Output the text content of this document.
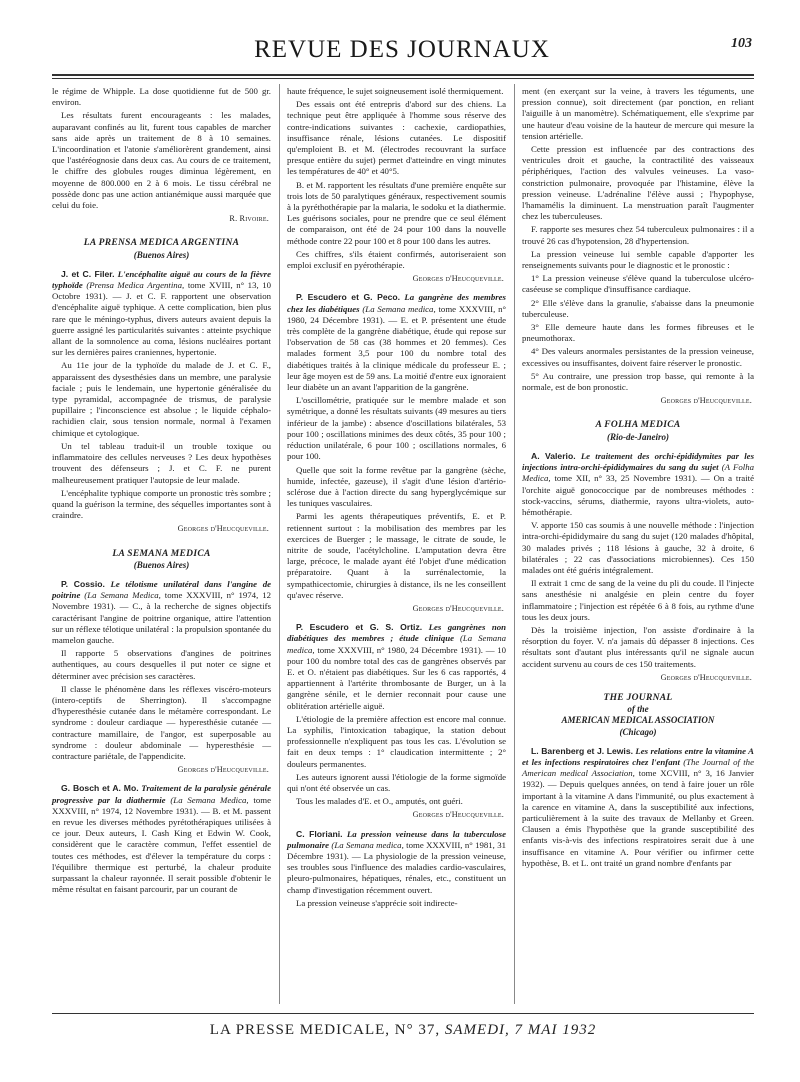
REVUE DES JOURNAUX	103

le régime de Whipple. La dose quotidienne fut de 500 gr. environ.

Les résultats furent encourageants : les malades, auparavant confinés au lit, furent tous capables de marcher sans aide après un traitement de 8 à 10 semaines. L'incoordination et l'atonie s'améliorèrent grandement, ainsi que l'astéréognosie dans deux cas. Au cours de ce traitement, le chiffre des globules rouges diminua légèrement, en moyenne de 800.000 en 2 à 6 mois. Le tissu cérébral ne possède donc pas une action antianémique aussi marquée que celui du foie.

R. Rivoire.
LA PRENSA MEDICA ARGENTINA
(Buenos Aires)

J. et C. Filer. L'encéphalite aiguë au cours de la fièvre typhoïde (Prensa Medica Argentina, tome XVIII, n° 13, 10 Octobre 1931). — J. et C. F. rapportent une observation d'encéphalite aiguë typhique. A cette complication, bien plus rare que le méningo-typhus, divers auteurs avaient depuis la guerre assigné les particularités suivantes : atteinte psychique allant de la somnolence au coma, lésions nucléaires portant sur les dernières paires craniennes, hypertonie.

Au 11e jour de la typhoïde du malade de J. et C. F., apparaissent des dysesthésies dans un membre, une paralysie faciale ; puis le lendemain, une hypertonie généralisée du type pyramidal, accompagnée de trismus, de paralysie pupillaire ; l'inconscience est absolue ; le liquide céphalo-rachidien clair, sous tension normale, normal à l'examen chimique et cytologique.

Un tel tableau traduit-il un trouble toxique ou inflammatoire des cellules nerveuses ? Les deux hypothèses trouvent des défenseurs ; J. et C. F. ne purent malheureusement pratiquer l'autopsie de leur malade.

L'encéphalite typhique comporte un pronostic très sombre ; quand la guérison la termine, des séquelles importantes sont à craindre.

Georges d'Heucqueville.
LA SEMANA MEDICA
(Buenos Aires)

P. Cossio. Le télotisme unilatéral dans l'angine de poitrine (La Semana Medica, tome XXXVIII, n° 1974, 12 Novembre 1931). — C., à la recherche de signes objectifs caractérisant l'angine de poitrine organique, attire l'attention sur un réflexe télotique unilatéral : la propulsion spontanée du mamelon gauche.

Il rapporte 5 observations d'angines de poitrines authentiques, au cours desquelles il put noter ce signe et déterminer avec précision ses caractères.

Il classe le phénomène dans les réflexes viscéro-moteurs (intero-ceptifs de Sherrington). Il s'accompagne d'hyperesthésie cutanée dans le métamère correspondant. Le syndrome : douleur cardiaque — hyperesthésie cutanée — contracture mamillaire, de l'angor, est superposable au syndrome : douleur abdominale — hyperesthésie — contracture pariétale, de l'appendicite.

Georges d'Heucqueville.

G. Bosch et A. Mo. Traitement de la paralysie générale progressive par la diathermie (La Semana Medica, tome XXXVIII, n° 1974, 12 Novembre 1931). — B. et M. passent en revue les diverses méthodes pyrétothérapiques utilisées à ce jour. Deux auteurs, I. Cash King et Edwin W. Cook, considèrent que le caractère commun, l'effet essentiel de toutes ces méthodes, est d'élever la température du corps : l'équilibre thermique est perturbé, la chaleur produite surpassant la chaleur rayonnée. Il serait possible d'obtenir le même résultat en faisant parcourir, par un courant de

haute fréquence, le sujet soigneusement isolé thermiquement.

Des essais ont été entrepris d'abord sur des chiens. La technique peut être appliquée à l'homme sous réserve des contre-indications suivantes : cachexie, cardiopathies, insuffisance rénale, lésions cutanées. Le dispositif qu'emploient B. et M. (électrodes recouvrant la surface presque entière du sujet) permet d'atteindre en vingt minutes les températures de 40° et 40°5.

B. et M. rapportent les résultats d'une première enquête sur trois lots de 50 paralytiques généraux, respectivement soumis à la pyréthothérapie par la malaria, le sodoku et la diathermie. Les guérisons sociales, pour ne prendre que ce seul élément de comparaison, ont été de 24 pour 100 dans la nouvelle méthode contre 22 pour 100 et 8 pour 100 dans les autres.

Ces chiffres, s'ils étaient confirmés, autoriseraient son emploi exclusif en pyérothérapie.

Georges d'Heucqueville.

P. Escudero et G. Peco. La gangrène des membres chez les diabétiques (La Semana medica, tome XXXVIII, n° 1980, 24 Décembre 1931). — E. et P. présentent une étude très complète de la gangrène diabétique, étude qui repose sur l'observation de 58 cas (38 hommes et 20 femmes). Ces malades forment 3,5 pour 100 du nombre total des diabétiques traités à la clinique médicale du professeur E. ; leur âge moyen est de 59 ans. La moitié d'entre eux ignoraient leur diabète un an avant l'apparition de la gangrène.

L'oscillométrie, pratiquée sur le membre malade et son symétrique, a donné les résultats suivants (49 mesures au tiers inférieur de la jambe) : absence d'oscillations bilatérales, 53 pour 100 ; oscillations minimes des deux côtés, 35 pour 100 ; réduction unilatérale, 6 pour 100 ; oscillations normales, 6 pour 100.

Quelle que soit la forme revêtue par la gangrène (sèche, humide, infectée, gazeuse), il s'agit d'une lésion d'artério-sclérose due à l'action directe du sang hyperglycémique sur les tuniques vasculaires.

Parmi les agents thérapeutiques préventifs, E. et P. retiennent surtout : la mobilisation des membres par les exercices de Buerger ; le massage, le citrate de soude, le nitrite de soude, l'acétylcholine. L'amputation devra être large, précoce, le malade ayant été l'objet d'une médication préparatoire. Quant à la surrénalectomie, la sympathicectomie, chirurgies à distance, ils ne les conseillent qu'avec réserve.

Georges d'Heucqueville.

P. Escudero et G. S. Ortiz. Les gangrènes non diabétiques des membres ; étude clinique (La Semana medica, tome XXXVIII, n° 1980, 24 Décembre 1931). — 10 pour 100 du nombre total des cas de gangrènes observés par E. et O. n'étaient pas diabétiques. Sur les 6 cas rapportés, 4 appartiennent à l'artérite thrombosante de Burger, un à la gangrène sénile, et le dernier reconnait pour cause une oblitération artérielle aiguë.

L'étiologie de la première affection est encore mal connue. La syphilis, l'intoxication tabagique, la station debout professionnelle n'expliquent pas tous les cas. L'évolution se fait en deux temps : 1° claudication intermittente ; 2° douleurs permanentes.

Les auteurs ignorent aussi l'étiologie de la forme sigmoïde qui n'ont été observée un cas.

Tous les malades d'E. et O., amputés, ont guéri.

Georges d'Heucqueville.

C. Floriani. La pression veineuse dans la tuberculose pulmonaire (La Semana medica, tome XXXVIII, n° 1981, 31 Décembre 1931). — La physiologie de la pression veineuse, ses troubles sous l'influence des maladies cardio-vasculaires, pleuro-pulmonaires, hépatiques, rénales, etc., constituent un champ d'investigation récemment ouvert.

La pression veineuse s'apprécie soit indirecte-

ment (en exerçant sur la veine, à travers les téguments, une pression connue), soit directement (par ponction, en reliant l'aiguille à un manomètre). Schématiquement, elle s'exprime par une hauteur d'eau voisine de la hauteur de mercure qui mesure la tension artérielle.

Cette pression est influencée par des contractions des ventricules droit et gauche, la contractilité des vaisseaux périphériques, l'action des valvules veineuses. La vaso-constriction pulmonaire, provoquée par l'histamine, élève la pression veineuse. L'adrénaline l'élève aussi ; l'hypophyse, l'hamamélis la diminuent. La menstruation paraît l'augmenter chez les tuberculeuses.

F. rapporte ses mesures chez 54 tuberculeux pulmonaires : il a trouvé 26 cas d'hypotension, 28 d'hypertension.

La pression veineuse lui semble capable d'apporter les renseignements suivants pour le diagnostic et le pronostic :

1° La pression veineuse s'élève quand la tuberculose ulcéro-caséeuse se complique d'insuffisance cardiaque.

2° Elle s'élève dans la granulie, s'abaisse dans la pneumonie tuberculeuse.

3° Elle demeure haute dans les formes fibreuses et le pneumothorax.

4° Des valeurs anormales persistantes de la pression veineuse, excessives ou insuffisantes, doivent faire réserver le pronostic.

5° Au contraire, une pression trop basse, qui remonte à la normale, est de bon pronostic.

Georges d'Heucqueville.
A FOLHA MEDICA
(Rio-de-Janeiro)

A. Valerio. Le traitement des orchi-épididymites par les injections intra-orchi-épididymaires du sang du sujet (A Folha Medica, tome XII, n° 33, 25 Novembre 1931). — On a traité l'orchite aiguë gonococcique par de nombreuses méthodes : stock-vaccins, sérums, diathermie, rayons ultra-violets, auto-hémothérapie.

V. apporte 150 cas soumis à une nouvelle méthode : l'injection intra-orchi-épididymaire du sang du sujet (120 malades d'hôpital, 30 malades privés ; 118 lésions à gauche, 32 à droite, 6 bilatérales ; 22 cas d'associations microbiennes). Ces 150 malades ont été guéris intégralement.

Il extrait 1 cmc de sang de la veine du pli du coude. Il l'injecte sans anesthésie ni analgésie en plein centre du foyer inflammatoire ; l'injection est répétée 6 à 8 fois, au rythme d'une tous les deux jours.

Dès la troisième injection, l'on assiste d'ordinaire à la résorption du foyer. V. n'a jamais dû dépasser 8 injections. Ces résultats sont d'autant plus intéressants qu'il ne signale aucun accident survenu au cours de ces 150 traitements.

Georges d'Heucqueville.
THE JOURNAL
of the
AMERICAN MEDICAL ASSOCIATION
(Chicago)

L. Barenberg et J. Lewis. Les relations entre la vitamine A et les infections respiratoires chez l'enfant (The Journal of the American medical Association, tome XCVIII, n° 3, 16 Janvier 1932). — Depuis quelques années, on tend à faire jouer un rôle important à la vitamine A dans l'immunité, ou plus exactement à la carence en vitamine A, dans la susceptibilité aux infections, particulièrement à la suite des travaux de Mellanby et Green. Clausen a émis l'hypothèse que la grande susceptibilité des enfants vis-à-vis des infections respiratoires serait due à une insuffisance en vitamine A. Pour vérifier ou infirmer cette hypothèse, B. et L. ont traité un grand nombre d'enfants par

LA PRESSE MEDICALE, N° 37, SAMEDI, 7 MAI 1932
